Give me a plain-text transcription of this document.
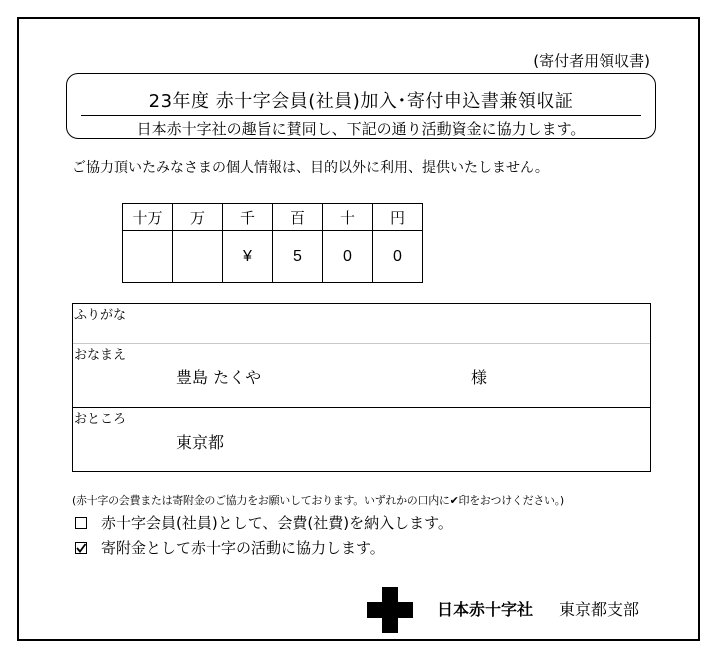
(寄付者用領収書)
23年度 赤十字会員(社員)加入･寄付申込書兼領収証
日本赤十字社の趣旨に賛同し、下記の通り活動資金に協力します。
ご協力頂いたみなさまの個人情報は、目的以外に利用、提供いたしません。
十万	万	千	百	十	円
		¥	5	0	0
ふりがな
おなまえ
豊島 たくや	様
おところ
東京都
(赤十字の会費または寄附金のご協力をお願いしております。いずれかの口内に✔印をおつけください。)
赤十字会員(社員)として、会費(社費)を納入します。
寄附金として赤十字の活動に協力します。
日本赤十字社 東京都支部
